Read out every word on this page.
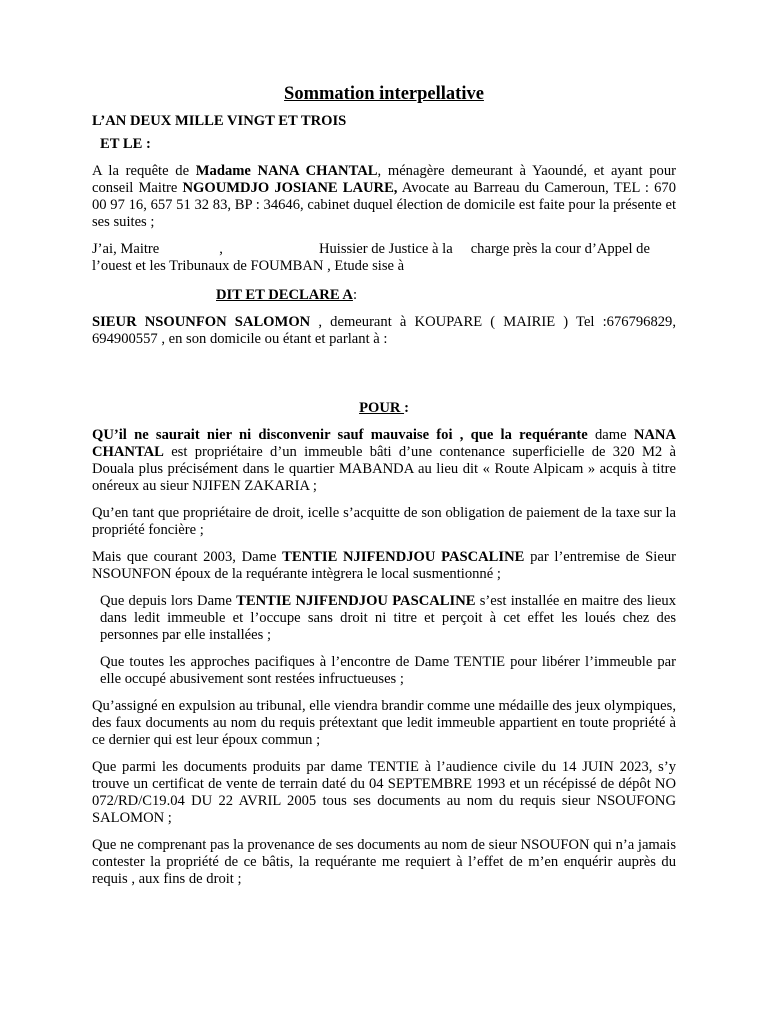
Sommation interpellative

L’AN DEUX MILLE VINGT ET TROIS

ET LE :

A la requête de Madame NANA CHANTAL, ménagère demeurant à Yaoundé, et ayant pour conseil Maitre NGOUMDJO JOSIANE LAURE, Avocate au Barreau du Cameroun, TEL : 670 00 97 16, 657 51 32 83, BP : 34646, cabinet duquel élection de domicile est faite pour la présente et ses suites ;

J’ai, Maitre	,	Huissier de Justice à la charge près la cour d’Appel de l’ouest et les Tribunaux de FOUMBAN , Etude sise à

DIT ET DECLARE A:

SIEUR NSOUNFON SALOMON , demeurant à KOUPARE ( MAIRIE ) Tel :676796829, 694900557 , en son domicile ou étant et parlant à :

POUR :

QU’il ne saurait nier ni disconvenir sauf mauvaise foi , que la requérante dame NANA CHANTAL est propriétaire d’un immeuble bâti d’une contenance superficielle de 320 M2 à Douala plus précisément dans le quartier MABANDA au lieu dit « Route Alpicam » acquis à titre onéreux au sieur NJIFEN ZAKARIA ;

Qu’en tant que propriétaire de droit, icelle s’acquitte de son obligation de paiement de la taxe sur la propriété foncière ;

Mais que courant 2003, Dame TENTIE NJIFENDJOU PASCALINE par l’entremise de Sieur NSOUNFON époux de la requérante intègrera le local susmentionné ;

Que depuis lors Dame TENTIE NJIFENDJOU PASCALINE s’est installée en maitre des lieux dans ledit immeuble et l’occupe sans droit ni titre et perçoit à cet effet les loués chez des personnes par elle installées ;

Que toutes les approches pacifiques à l’encontre de Dame TENTIE pour libérer l’immeuble par elle occupé abusivement sont restées infructueuses ;

Qu’assigné en expulsion au tribunal, elle viendra brandir comme une médaille des jeux olympiques, des faux documents au nom du requis prétextant que ledit immeuble appartient en toute propriété à ce dernier qui est leur époux commun ;

Que parmi les documents produits par dame TENTIE à l’audience civile du 14 JUIN 2023, s’y trouve un certificat de vente de terrain daté du 04 SEPTEMBRE 1993 et un récépissé de dépôt NO 072/RD/C19.04 DU 22 AVRIL 2005 tous ses documents au nom du requis sieur NSOUFONG SALOMON ;

Que ne comprenant pas la provenance de ses documents au nom de sieur NSOUFON qui n’a jamais contester la propriété de ce bâtis, la requérante me requiert à l’effet de m’en enquérir auprès du requis , aux fins de droit ;
